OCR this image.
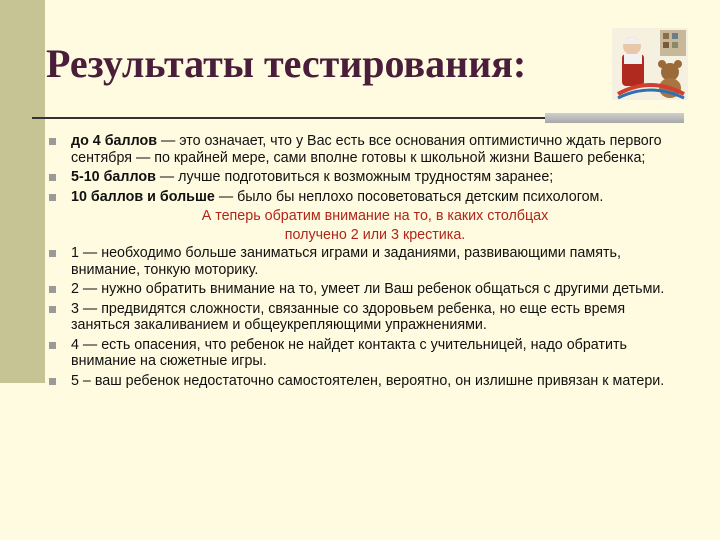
Результаты тестирования:
до 4 баллов — это означает, что у Вас есть все основания оптимистично ждать первого сентября — по крайней мере, сами вполне готовы к школьной жизни Вашего ребенка;
5-10 баллов — лучше подготовиться к возможным трудностям заранее;
10 баллов и больше — было бы неплохо посоветоваться детским психологом.
А теперь обратим внимание на то, в каких столбцах
получено 2 или 3 крестика.
1 — необходимо больше заниматься играми и заданиями, развивающими память, внимание, тонкую моторику.
2 — нужно обратить внимание на то, умеет ли Ваш ребенок общаться с другими детьми.
3 — предвидятся сложности, связанные со здоровьем ребенка, но еще есть время заняться закаливанием и общеукрепляющими упражнениями.
4 — есть опасения, что ребенок не найдет контакта с учительницей, надо обратить внимание на сюжетные игры.
5 – ваш ребенок недостаточно самостоятелен, вероятно, он излишне привязан к матери.
